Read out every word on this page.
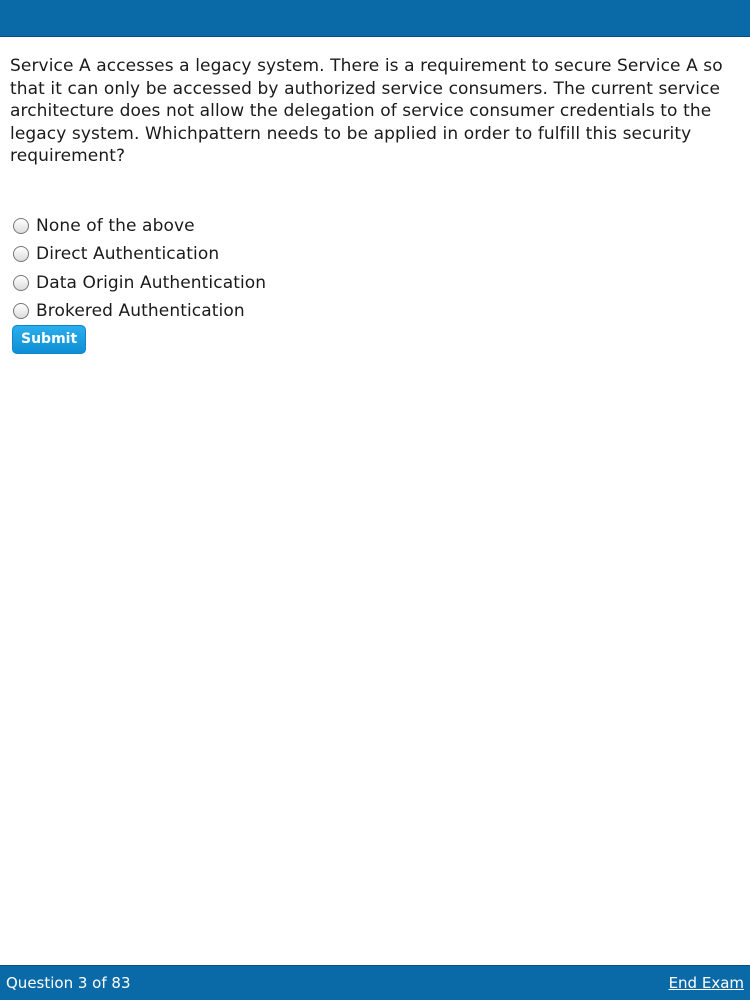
Service A accesses a legacy system. There is a requirement to secure Service A so that it can only be accessed by authorized service consumers. The current service architecture does not allow the delegation of service consumer credentials to the legacy system. Whichpattern needs to be applied in order to fulfill this security requirement?

None of the above
Direct Authentication
Data Origin Authentication
Brokered Authentication
Submit
Question 3 of 83	End Exam
